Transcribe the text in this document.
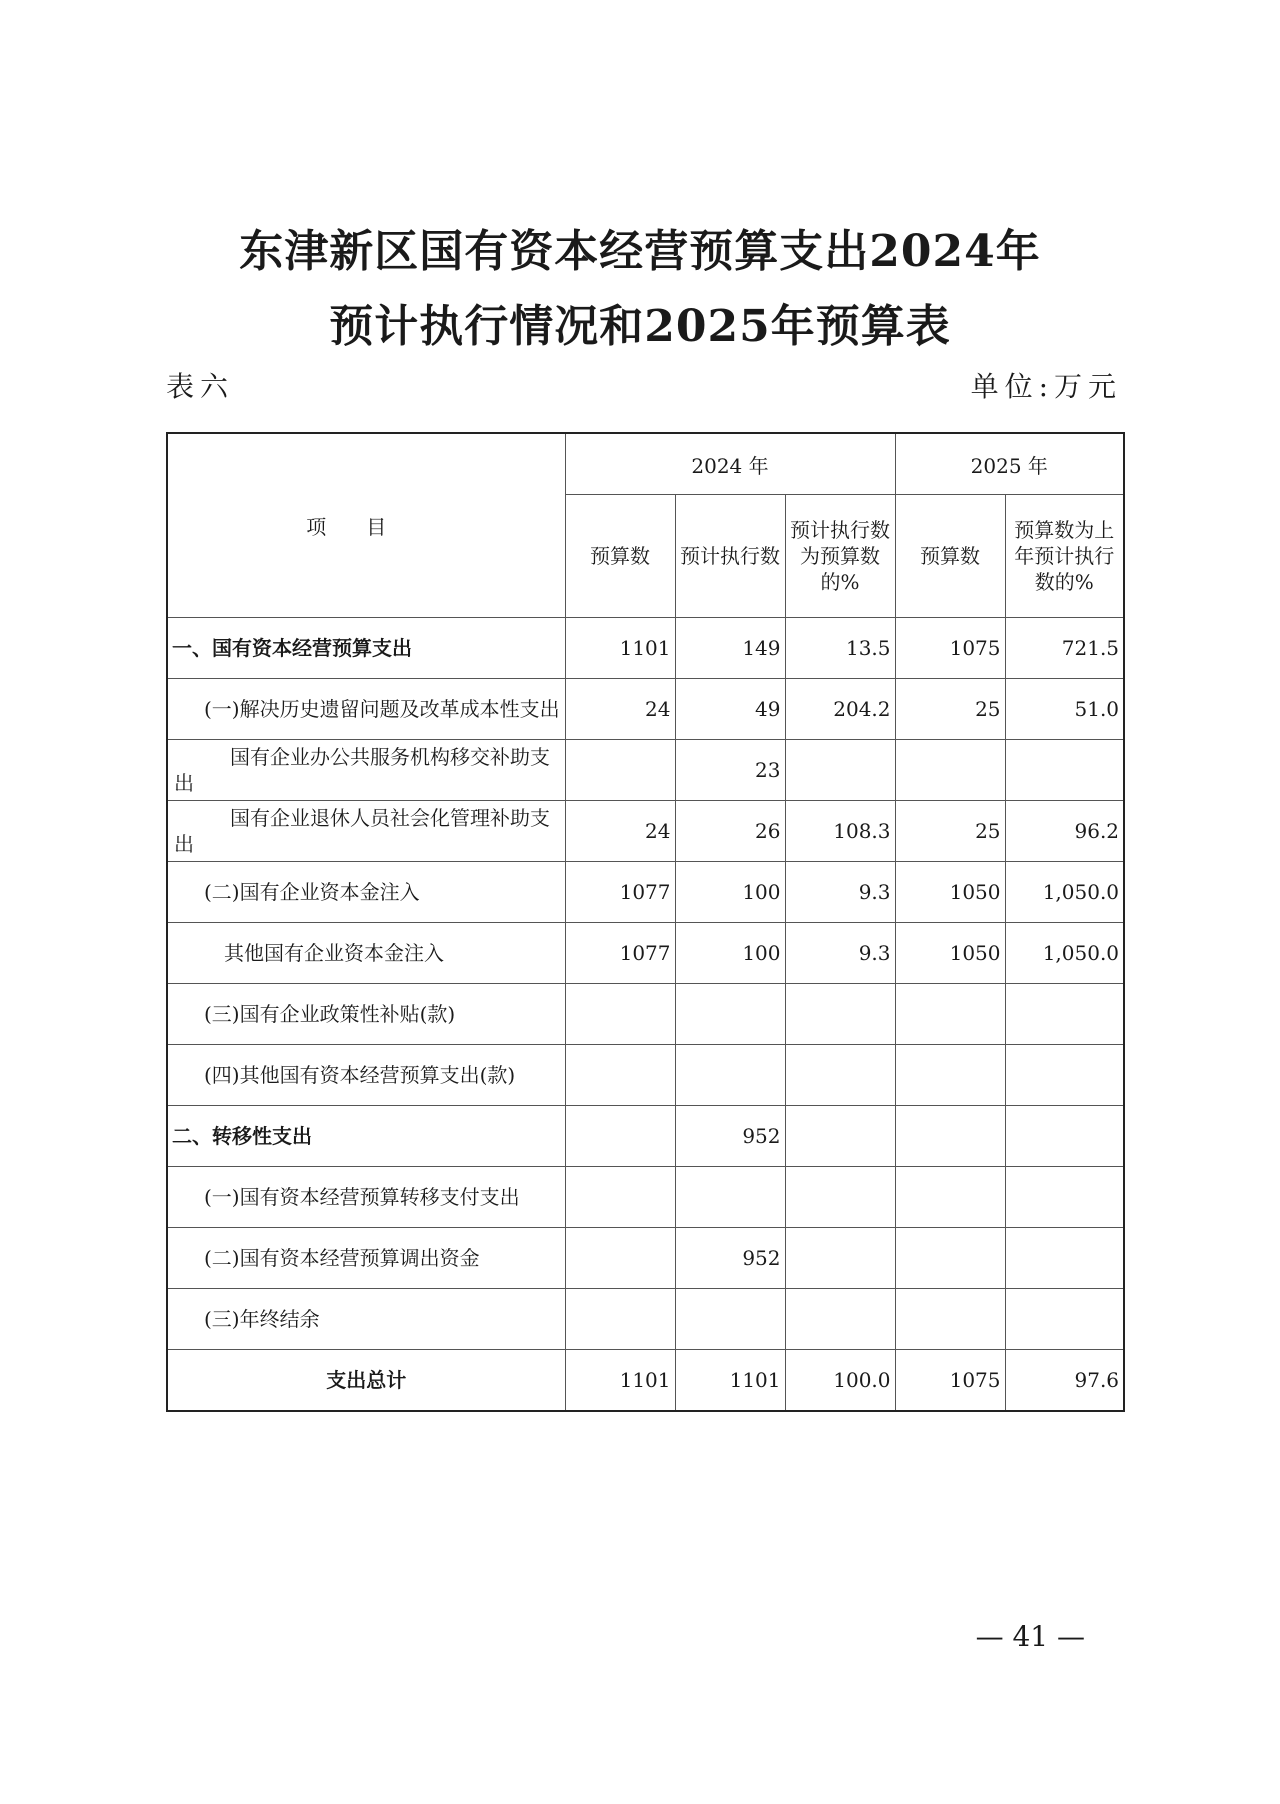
东津新区国有资本经营预算支出2024年
预计执行情况和2025年预算表
表六	单位:万元
项目	2024 年			2025 年	
	预算数	预计执行数	预计执行数为预算数的%	预算数	预算数为上年预计执行数的%
一、国有资本经营预算支出	1101	149	13.5	1075	721.5
(一)解决历史遗留问题及改革成本性支出	24	49	204.2	25	51.0
国有企业办公共服务机构移交补助支出		23			
国有企业退休人员社会化管理补助支出	24	26	108.3	25	96.2
(二)国有企业资本金注入	1077	100	9.3	1050	1,050.0
其他国有企业资本金注入	1077	100	9.3	1050	1,050.0
(三)国有企业政策性补贴(款)					
(四)其他国有资本经营预算支出(款)					
二、转移性支出		952			
(一)国有资本经营预算转移支付支出					
(二)国有资本经营预算调出资金		952			
(三)年终结余					
支出总计	1101	1101	100.0	1075	97.6
— 41 —
